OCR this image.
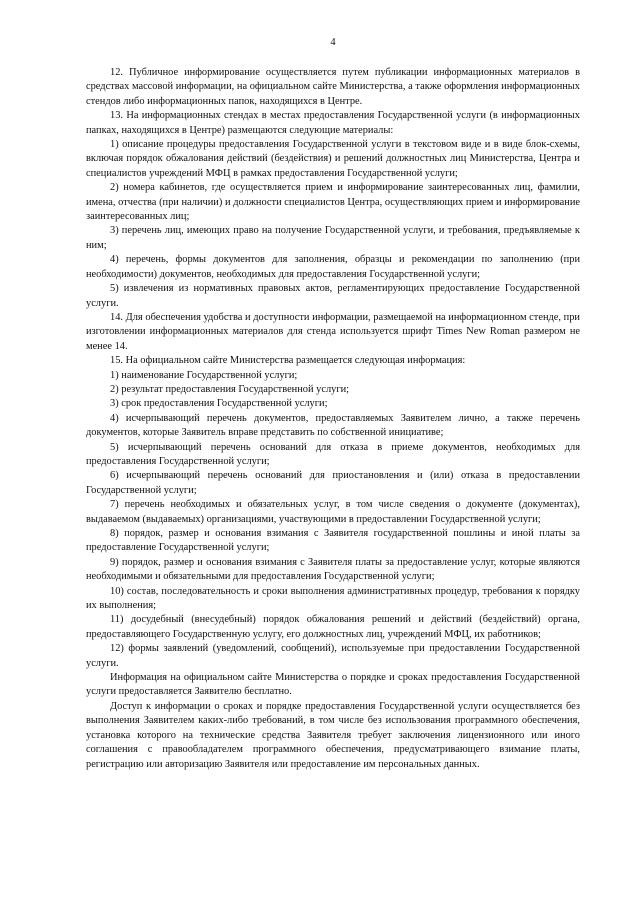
4

12. Публичное информирование осуществляется путем публикации информационных материалов в средствах массовой информации, на официальном сайте Министерства, а также оформления информационных стендов либо информационных папок, находящихся в Центре.

13. На информационных стендах в местах предоставления Государственной услуги (в информационных папках, находящихся в Центре) размещаются следующие материалы:

1) описание процедуры предоставления Государственной услуги в текстовом виде и в виде блок-схемы, включая порядок обжалования действий (бездействия) и решений должностных лиц Министерства, Центра и специалистов учреждений МФЦ в рамках предоставления Государственной услуги;

2) номера кабинетов, где осуществляется прием и информирование заинтересованных лиц, фамилии, имена, отчества (при наличии) и должности специалистов Центра, осуществляющих прием и информирование заинтересованных лиц;

3) перечень лиц, имеющих право на получение Государственной услуги, и требования, предъявляемые к ним;

4) перечень, формы документов для заполнения, образцы и рекомендации по заполнению (при необходимости) документов, необходимых для предоставления Государственной услуги;

5) извлечения из нормативных правовых актов, регламентирующих предоставление Государственной услуги.

14. Для обеспечения удобства и доступности информации, размещаемой на информационном стенде, при изготовлении информационных материалов для стенда используется шрифт Times New Roman размером не менее 14.

15. На официальном сайте Министерства размещается следующая информация:

1) наименование Государственной услуги;

2) результат предоставления Государственной услуги;

3) срок предоставления Государственной услуги;

4) исчерпывающий перечень документов, предоставляемых Заявителем лично, а также перечень документов, которые Заявитель вправе представить по собственной инициативе;

5) исчерпывающий перечень оснований для отказа в приеме документов, необходимых для предоставления Государственной услуги;

6) исчерпывающий перечень оснований для приостановления и (или) отказа в предоставлении Государственной услуги;

7) перечень необходимых и обязательных услуг, в том числе сведения о документе (документах), выдаваемом (выдаваемых) организациями, участвующими в предоставлении Государственной услуги;

8) порядок, размер и основания взимания с Заявителя государственной пошлины и иной платы за предоставление Государственной услуги;

9) порядок, размер и основания взимания с Заявителя платы за предоставление услуг, которые являются необходимыми и обязательными для предоставления Государственной услуги;

10) состав, последовательность и сроки выполнения административных процедур, требования к порядку их выполнения;

11) досудебный (внесудебный) порядок обжалования решений и действий (бездействий) органа, предоставляющего Государственную услугу, его должностных лиц, учреждений МФЦ, их работников;

12) формы заявлений (уведомлений, сообщений), используемые при предоставлении Государственной услуги.

Информация на официальном сайте Министерства о порядке и сроках предоставления Государственной услуги предоставляется Заявителю бесплатно.

Доступ к информации о сроках и порядке предоставления Государственной услуги осуществляется без выполнения Заявителем каких-либо требований, в том числе без использования программного обеспечения, установка которого на технические средства Заявителя требует заключения лицензионного или иного соглашения с правообладателем программного обеспечения, предусматривающего взимание платы, регистрацию или авторизацию Заявителя или предоставление им персональных данных.
